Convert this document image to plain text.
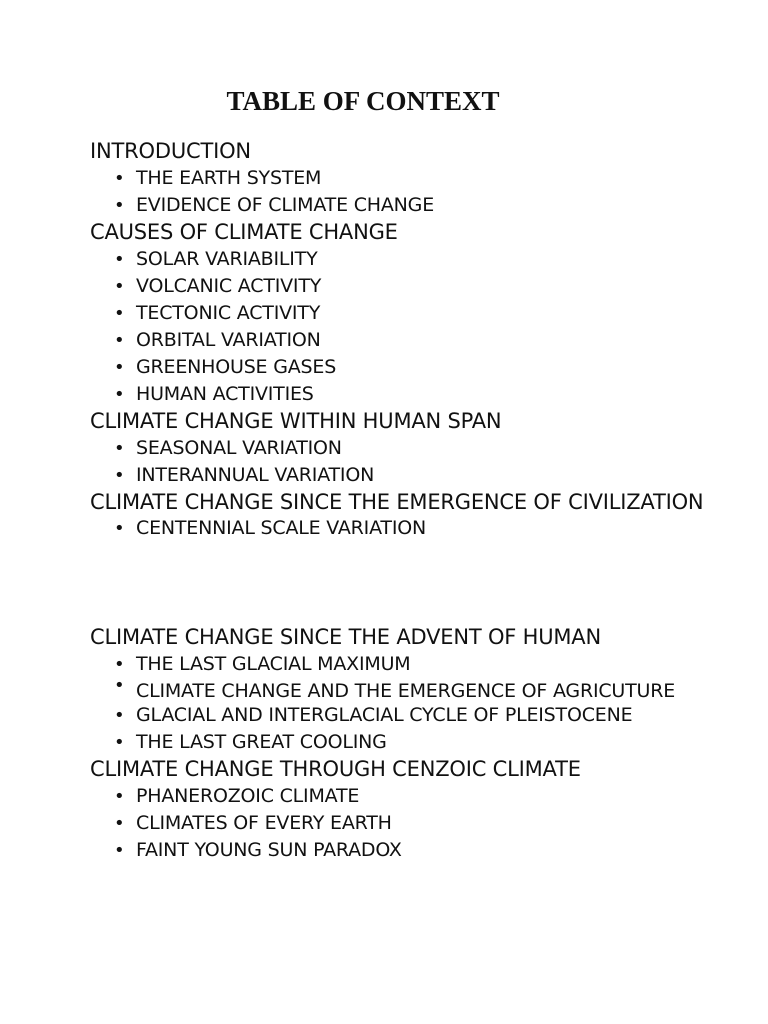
TABLE OF CONTEXT
INTRODUCTION
• THE EARTH SYSTEM
• EVIDENCE OF CLIMATE CHANGE
CAUSES OF CLIMATE CHANGE
• SOLAR VARIABILITY
• VOLCANIC ACTIVITY
• TECTONIC ACTIVITY
• ORBITAL VARIATION
• GREENHOUSE GASES
• HUMAN ACTIVITIES
CLIMATE CHANGE WITHIN HUMAN SPAN
• SEASONAL VARIATION
• INTERANNUAL VARIATION
CLIMATE CHANGE SINCE THE EMERGENCE OF CIVILIZATION
• CENTENNIAL SCALE VARIATION
CLIMATE CHANGE SINCE THE ADVENT OF HUMAN
• THE LAST GLACIAL MAXIMUM
• CLIMATE CHANGE AND THE EMERGENCE OF AGRICUTURE
• GLACIAL AND INTERGLACIAL CYCLE OF PLEISTOCENE
• THE LAST GREAT COOLING
CLIMATE CHANGE THROUGH CENZOIC CLIMATE
• PHANEROZOIC CLIMATE
• CLIMATES OF EVERY EARTH
• FAINT YOUNG SUN PARADOX
